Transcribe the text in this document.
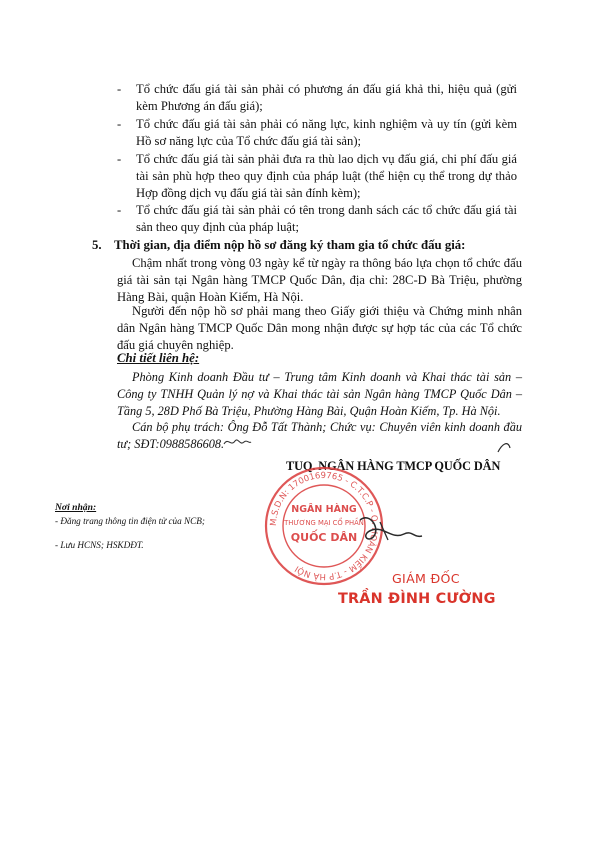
- Tổ chức đấu giá tài sản phải có phương án đấu giá khả thi, hiệu quả (gửi kèm Phương án đấu giá);
- Tổ chức đấu giá tài sản phải có năng lực, kinh nghiệm và uy tín (gửi kèm Hồ sơ năng lực của Tổ chức đấu giá tài sản);
- Tổ chức đấu giá tài sản phải đưa ra thù lao dịch vụ đấu giá, chi phí đấu giá tài sản phù hợp theo quy định của pháp luật (thể hiện cụ thể trong dự thảo Hợp đồng dịch vụ đấu giá tài sản đính kèm);
- Tổ chức đấu giá tài sản phải có tên trong danh sách các tổ chức đấu giá tài sản theo quy định của pháp luật;
5. Thời gian, địa điểm nộp hồ sơ đăng ký tham gia tổ chức đấu giá:
Chậm nhất trong vòng 03 ngày kể từ ngày ra thông báo lựa chọn tổ chức đấu giá tài sản tại Ngân hàng TMCP Quốc Dân, địa chỉ: 28C-D Bà Triệu, phường Hàng Bài, quận Hoàn Kiếm, Hà Nội.
Người đến nộp hồ sơ phải mang theo Giấy giới thiệu và Chứng minh nhân dân Ngân hàng TMCP Quốc Dân mong nhận được sự hợp tác của các Tổ chức đấu giá chuyên nghiệp.
Chi tiết liên hệ:
Phòng Kinh doanh Đầu tư – Trung tâm Kinh doanh và Khai thác tài sản – Công ty TNHH Quản lý nợ và Khai thác tài sản Ngân hàng TMCP Quốc Dân – Tầng 5, 28D Phố Bà Triệu, Phường Hàng Bài, Quận Hoàn Kiếm, Tp. Hà Nội.
Cán bộ phụ trách: Ông Đỗ Tất Thành; Chức vụ: Chuyên viên kinh doanh đầu tư; SĐT:0988586608.
TUQ. NGÂN HÀNG TMCP QUỐC DÂN
M.S.D.N: 1700169765 - C.T.C.P - Q. HOÀN KIẾM - T.P HÀ NỘI
NGÂN HÀNG
THƯƠNG MẠI CỔ PHẦN
QUỐC DÂN
Nơi nhận:
- Đăng trang thông tin điện tử của NCB;
- Lưu HCNS; HSKDĐT.
GIÁM ĐỐC
TRẦN ĐÌNH CƯỜNG
